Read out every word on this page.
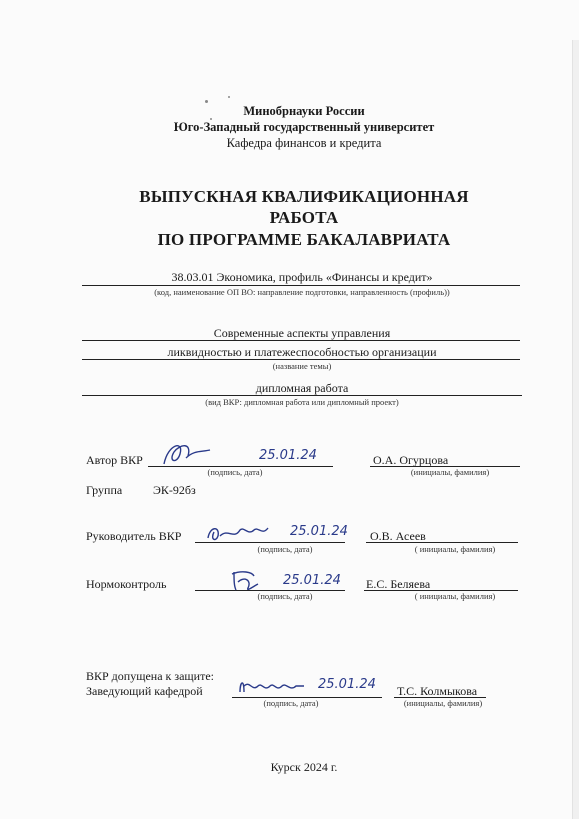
Минобрнауки России
Юго-Западный государственный университет
Кафедра финансов и кредита
ВЫПУСКНАЯ КВАЛИФИКАЦИОННАЯ
РАБОТА
ПО ПРОГРАММЕ БАКАЛАВРИАТА
38.03.01 Экономика, профиль «Финансы и кредит»
(код, наименование ОП ВО: направление подготовки, направленность (профиль))
Современные аспекты управления
ликвидностью и платежеспособностью организации
(название темы)
дипломная работа
(вид ВКР: дипломная работа или дипломный проект)
Автор ВКР	25.01.24
(подпись, дата)
О.А. Огурцова
(инициалы, фамилия)
Группа	ЭК-92бз
Руководитель ВКР	25.01.24
(подпись, дата)
О.В. Асеев
( инициалы, фамилия)
Нормоконтроль	25.01.24
(подпись, дата)
Е.С. Беляева
( инициалы, фамилия)
ВКР допущена к защите:
Заведующий кафедрой	25.01.24
(подпись, дата)
Т.С. Колмыкова
(инициалы, фамилия)
Курск 2024 г.
